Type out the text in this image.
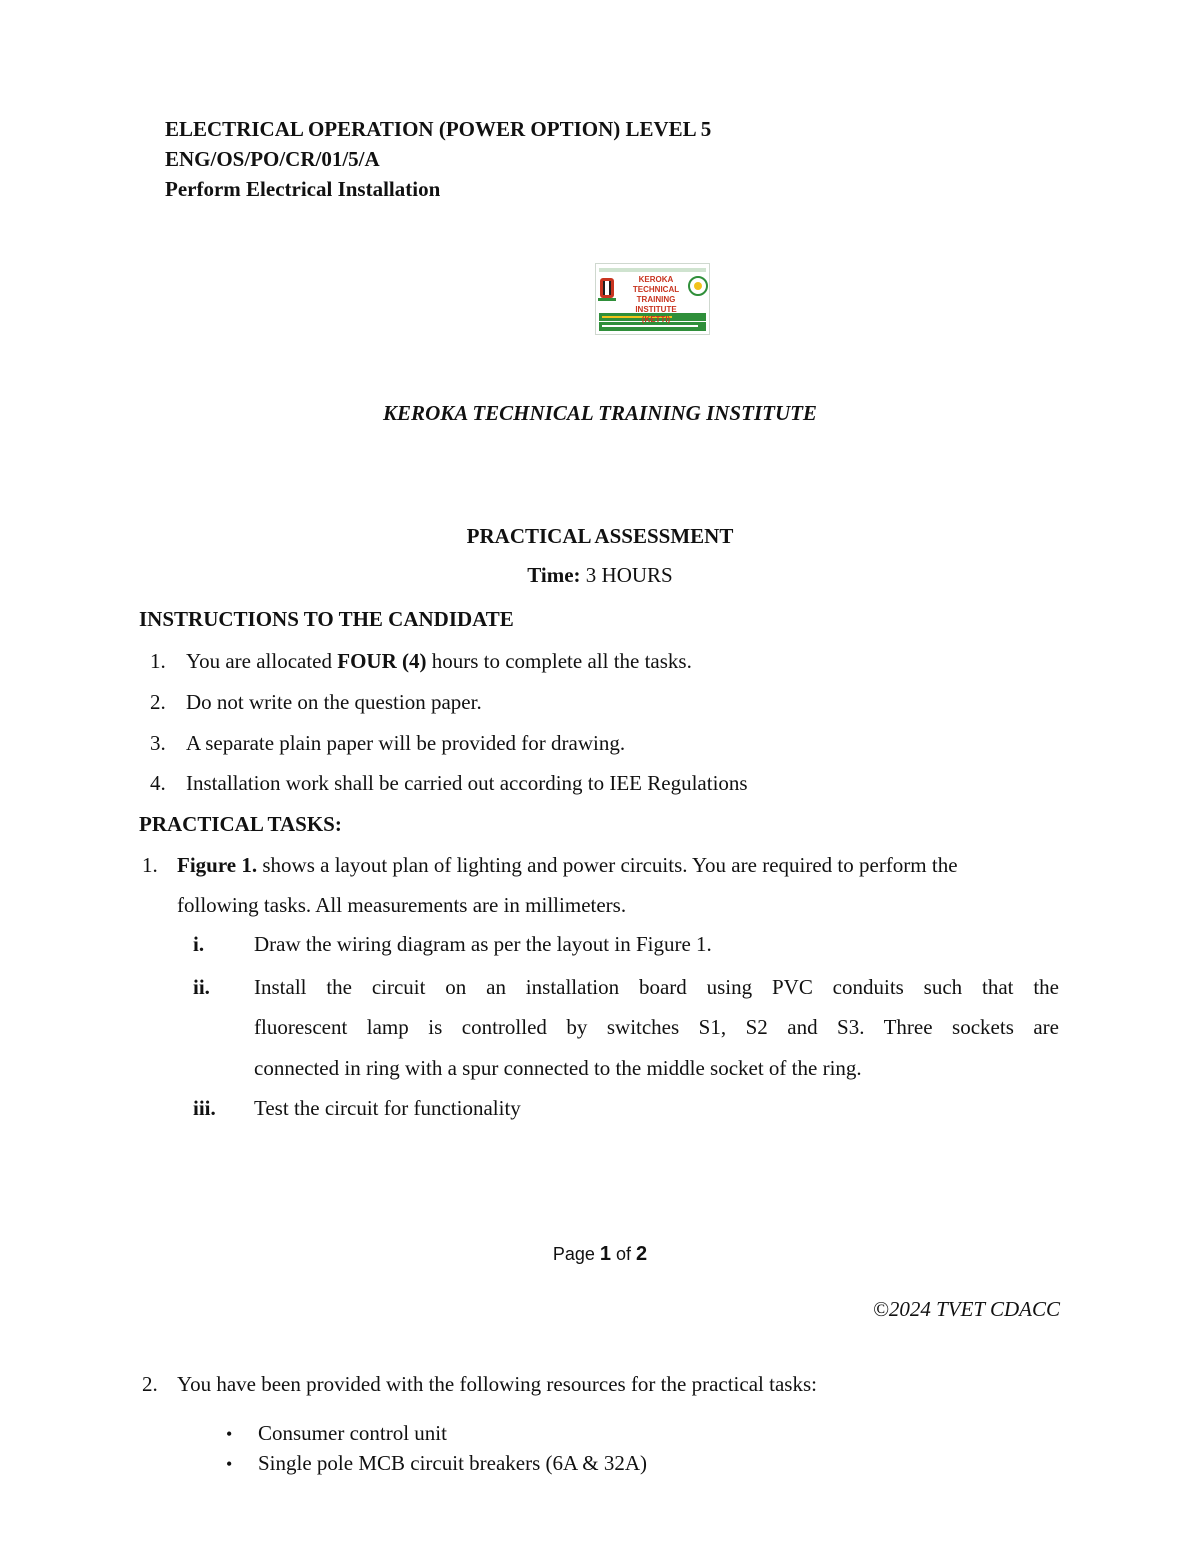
ELECTRICAL OPERATION (POWER OPTION) LEVEL 5
ENG/OS/PO/CR/01/5/A
Perform Electrical Installation
KEROKA TECHNICAL
TRAINING INSTITUTE
(KETTI)
KEROKA TECHNICAL TRAINING INSTITUTE
PRACTICAL ASSESSMENT
Time: 3 HOURS
INSTRUCTIONS TO THE CANDIDATE
1. You are allocated FOUR (4) hours to complete all the tasks.
2. Do not write on the question paper.
3. A separate plain paper will be provided for drawing.
4. Installation work shall be carried out according to IEE Regulations
PRACTICAL TASKS:
1. Figure 1. shows a layout plan of lighting and power circuits. You are required to perform the
following tasks. All measurements are in millimeters.
i. Draw the wiring diagram as per the layout in Figure 1.
ii. Install the circuit on an installation board using PVC conduits such that the
fluorescent lamp is controlled by switches S1, S2 and S3. Three sockets are
connected in ring with a spur connected to the middle socket of the ring.
iii. Test the circuit for functionality
Page 1 of 2
©2024 TVET CDACC
2. You have been provided with the following resources for the practical tasks:
• Consumer control unit
• Single pole MCB circuit breakers (6A & 32A)
